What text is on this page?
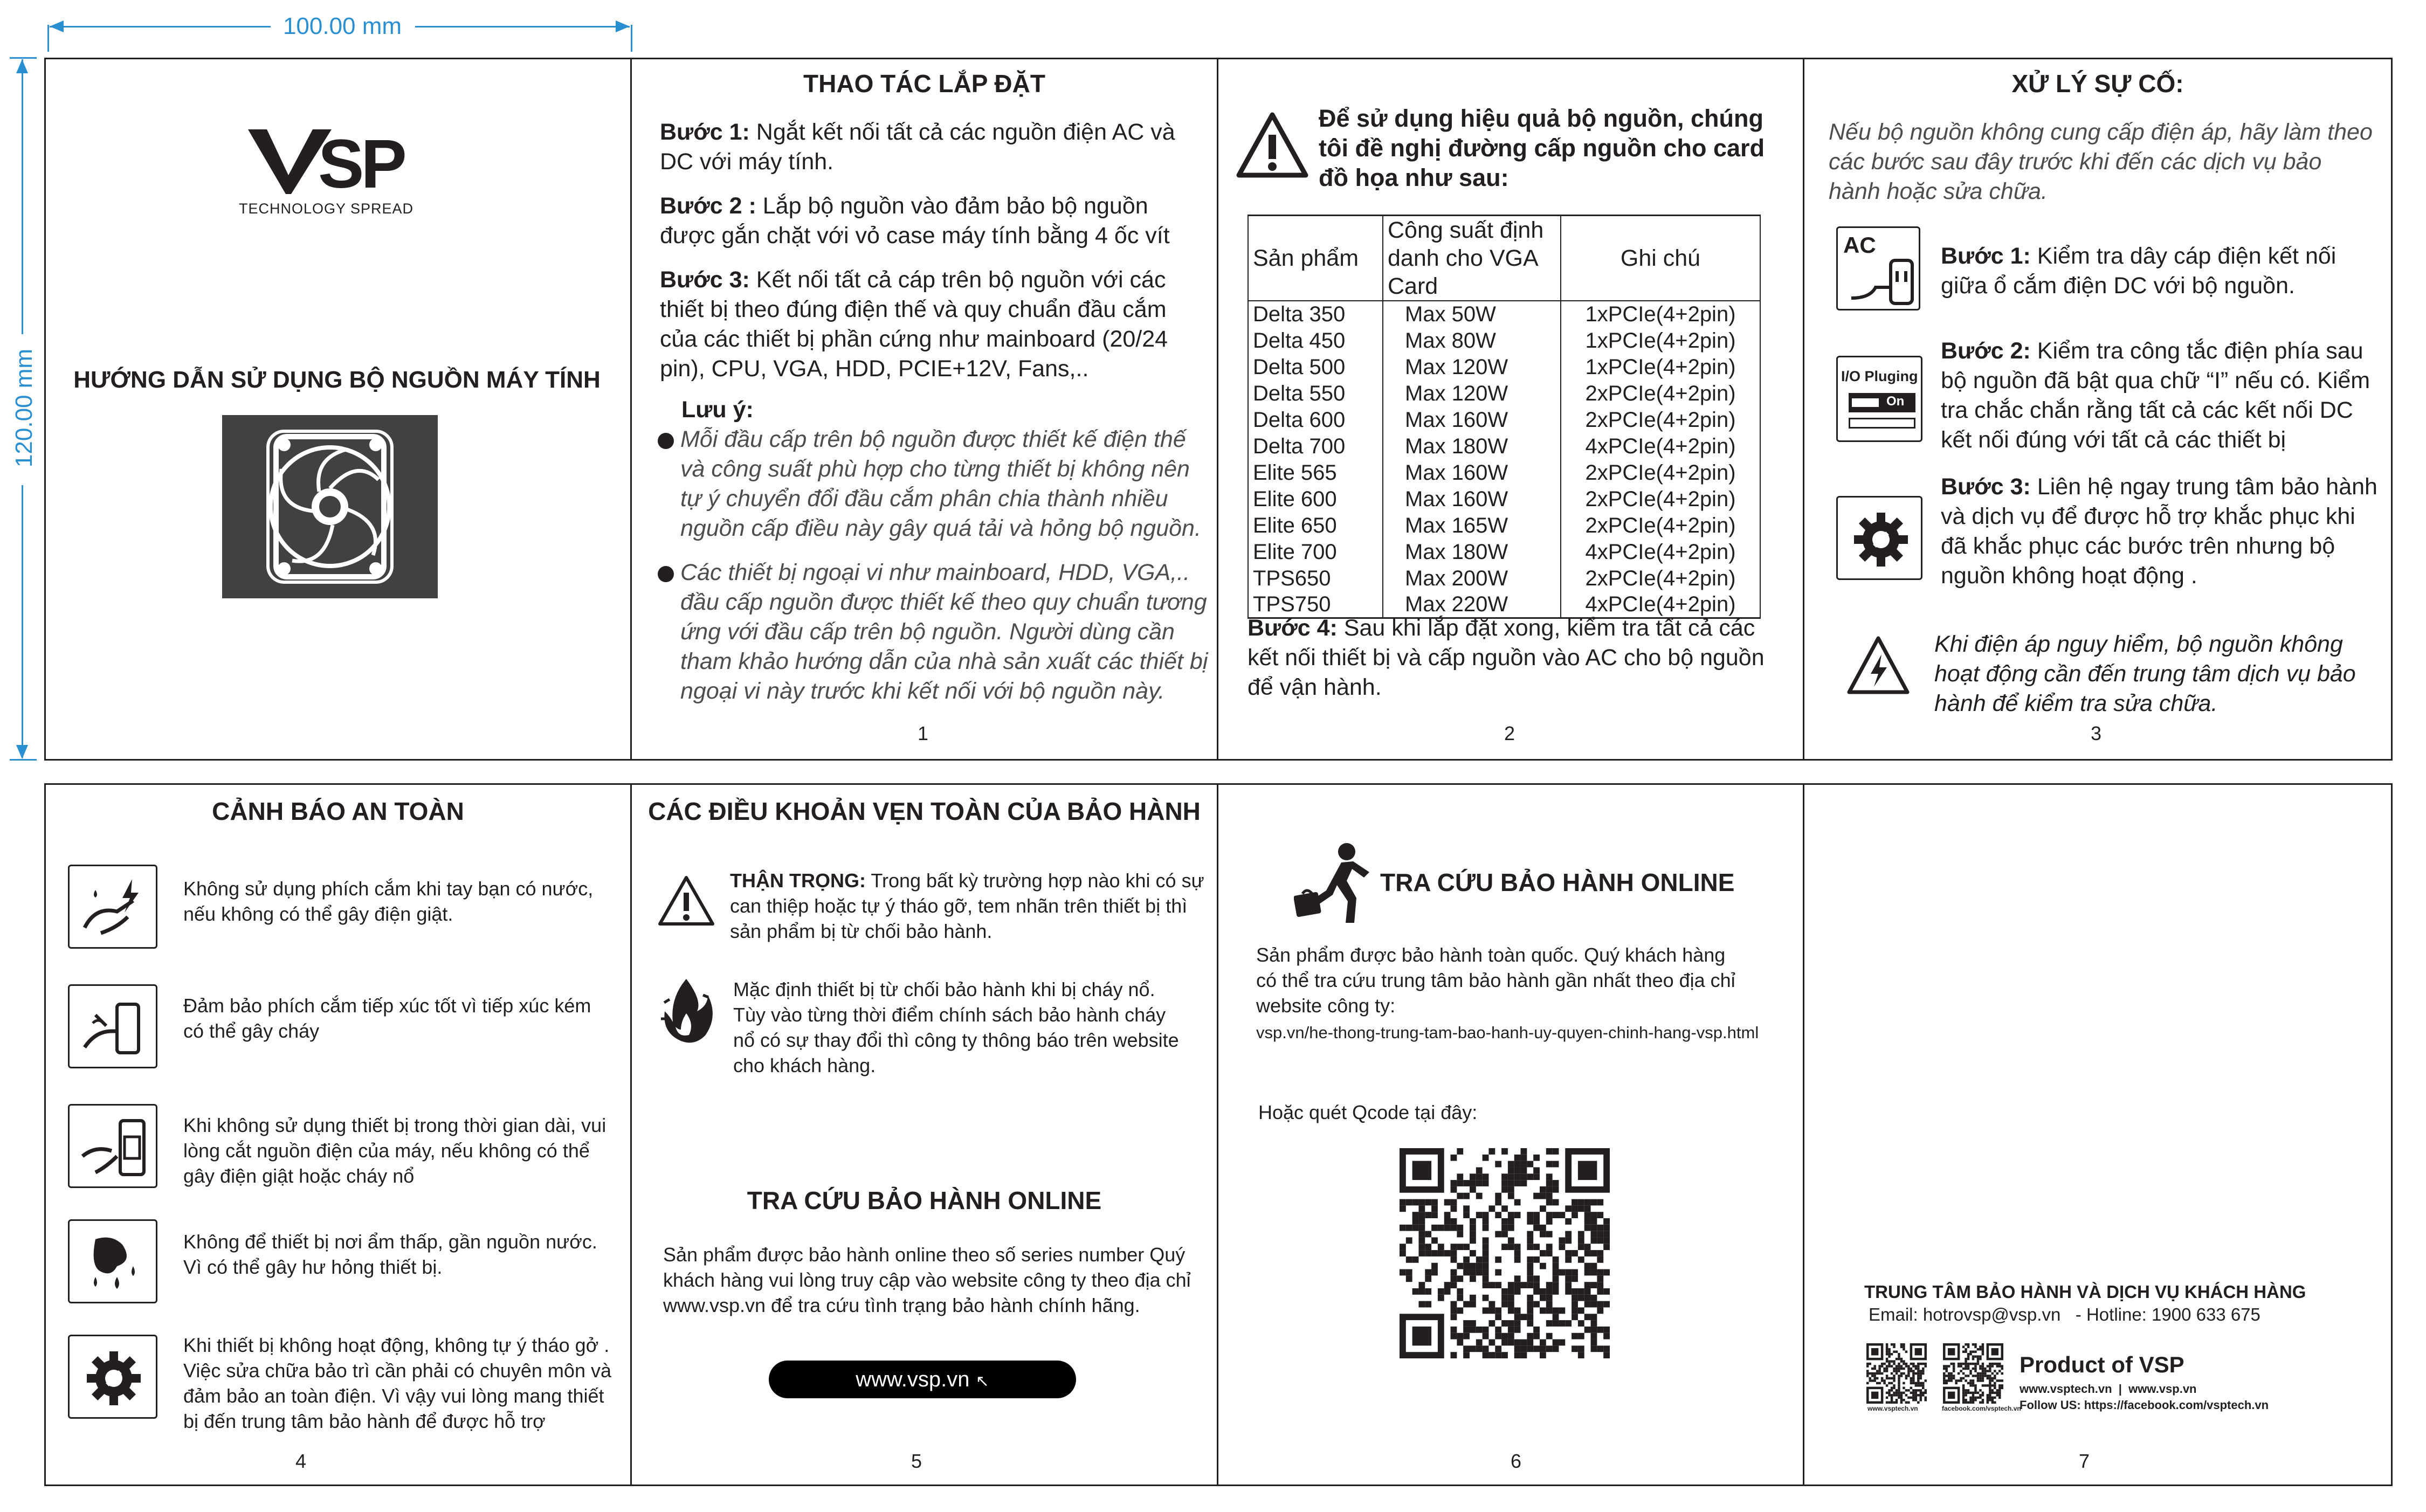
100.00 mm
120.00 mm
SP
TECHNOLOGY SPREAD
HƯỚNG DẪN SỬ DỤNG BỘ NGUỒN MÁY TÍNH
THAO TÁC LẮP ĐẶT
Bước 1: Ngắt kết nối tất cả các nguồn điện AC và DC với máy tính.
Bước 2 : Lắp bộ nguồn vào đảm bảo bộ nguồn được gắn chặt với vỏ case máy tính bằng 4 ốc vít
Bước 3: Kết nối tất cả cáp trên bộ nguồn với các thiết bị theo đúng điện thế và quy chuẩn đầu cắm của các thiết bị phần cứng như mainboard (20/24 pin), CPU, VGA, HDD, PCIE+12V, Fans,..
Lưu ý:
Mỗi đầu cấp trên bộ nguồn được thiết kế điện thế và công suất phù hợp cho từng thiết bị không nên tự ý chuyển đổi đầu cắm phân chia thành nhiều nguồn cấp điều này gây quá tải và hỏng bộ nguồn.
Các thiết bị ngoại vi như mainboard, HDD, VGA,.. đầu cấp nguồn được thiết kế theo quy chuẩn tương ứng với đầu cấp trên bộ nguồn. Người dùng cần tham khảo hướng dẫn của nhà sản xuất các thiết bị ngoại vi này trước khi kết nối với bộ nguồn này.
1
Để sử dụng hiệu quả bộ nguồn, chúng tôi đề nghị đường cấp nguồn cho card đồ họa như sau:
Sản phẩm	Công suất định danh cho VGA Card	Ghi chú
Delta 350	Max 50W	1xPCIe(4+2pin)
Delta 450	Max 80W	1xPCIe(4+2pin)
Delta 500	Max 120W	1xPCIe(4+2pin)
Delta 550	Max 120W	2xPCIe(4+2pin)
Delta 600	Max 160W	2xPCIe(4+2pin)
Delta 700	Max 180W	4xPCIe(4+2pin)
Elite 565	Max 160W	2xPCIe(4+2pin)
Elite 600	Max 160W	2xPCIe(4+2pin)
Elite 650	Max 165W	2xPCIe(4+2pin)
Elite 700	Max 180W	4xPCIe(4+2pin)
TPS650	Max 200W	2xPCIe(4+2pin)
TPS750	Max 220W	4xPCIe(4+2pin)
Bước 4: Sau khi lắp đặt xong, kiểm tra tất cả các kết nối thiết bị và cấp nguồn vào AC cho bộ nguồn để vận hành.
2
XỬ LÝ SỰ CỐ:
Nếu bộ nguồn không cung cấp điện áp, hãy làm theo các bước sau đây trước khi đến các dịch vụ bảo hành hoặc sửa chữa.
AC	Bước 1: Kiểm tra dây cáp điện kết nối giữa ổ cắm điện DC với bộ nguồn.
I/O Pluging
On
Bước 2: Kiểm tra công tắc điện phía sau bộ nguồn đã bật qua chữ “I” nếu có. Kiểm tra chắc chắn rằng tất cả các kết nối DC kết nối đúng với tất cả các thiết bị
Bước 3: Liên hệ ngay trung tâm bảo hành và dịch vụ để được hỗ trợ khắc phục khi đã khắc phục các bước trên nhưng bộ nguồn không hoạt động .
Khi điện áp nguy hiểm, bộ nguồn không hoạt động cần đến trung tâm dịch vụ bảo hành để kiểm tra sửa chữa.
3
CẢNH BÁO AN TOÀN
Không sử dụng phích cắm khi tay bạn có nước, nếu không có thể gây điện giật.
Đảm bảo phích cắm tiếp xúc tốt vì tiếp xúc kém có thể gây cháy
Khi không sử dụng thiết bị trong thời gian dài, vui lòng cắt nguồn điện của máy, nếu không có thể gây điện giật hoặc cháy nổ
Không để thiết bị nơi ẩm thấp, gần nguồn nước. Vì có thể gây hư hỏng thiết bị.
Khi thiết bị không hoạt động, không tự ý tháo gở . Việc sửa chữa bảo trì cần phải có chuyên môn và đảm bảo an toàn điện. Vì vậy vui lòng mang thiết bị đến trung tâm bảo hành để được hỗ trợ
4
CÁC ĐIỀU KHOẢN VẸN TOÀN CỦA BẢO HÀNH
THẬN TRỌNG: Trong bất kỳ trường hợp nào khi có sự can thiệp hoặc tự ý tháo gỡ, tem nhãn trên thiết bị thì sản phẩm bị từ chối bảo hành.
Mặc định thiết bị từ chối bảo hành khi bị cháy nổ. Tùy vào từng thời điểm chính sách bảo hành cháy nổ có sự thay đổi thì công ty thông báo trên website cho khách hàng.
TRA CỨU BẢO HÀNH ONLINE
Sản phẩm được bảo hành online theo số series number Quý khách hàng vui lòng truy cập vào website công ty theo địa chỉ www.vsp.vn để tra cứu tình trạng bảo hành chính hãng.
www.vsp.vn ↖
5
TRA CỨU BẢO HÀNH ONLINE
Sản phẩm được bảo hành toàn quốc. Quý khách hàng có thể tra cứu trung tâm bảo hành gần nhất theo địa chỉ website công ty:
vsp.vn/he-thong-trung-tam-bao-hanh-uy-quyen-chinh-hang-vsp.html
Hoặc quét Qcode tại đây:
6
TRUNG TÂM BẢO HÀNH VÀ DỊCH VỤ KHÁCH HÀNG
Email: hotrovsp@vsp.vn   - Hotline: 1900 633 675
www.vsptech.vn	facebook.com/vsptech.vn
Product of VSP
www.vsptech.vn  |  www.vsp.vn
Follow US: https://facebook.com/vsptech.vn
7
